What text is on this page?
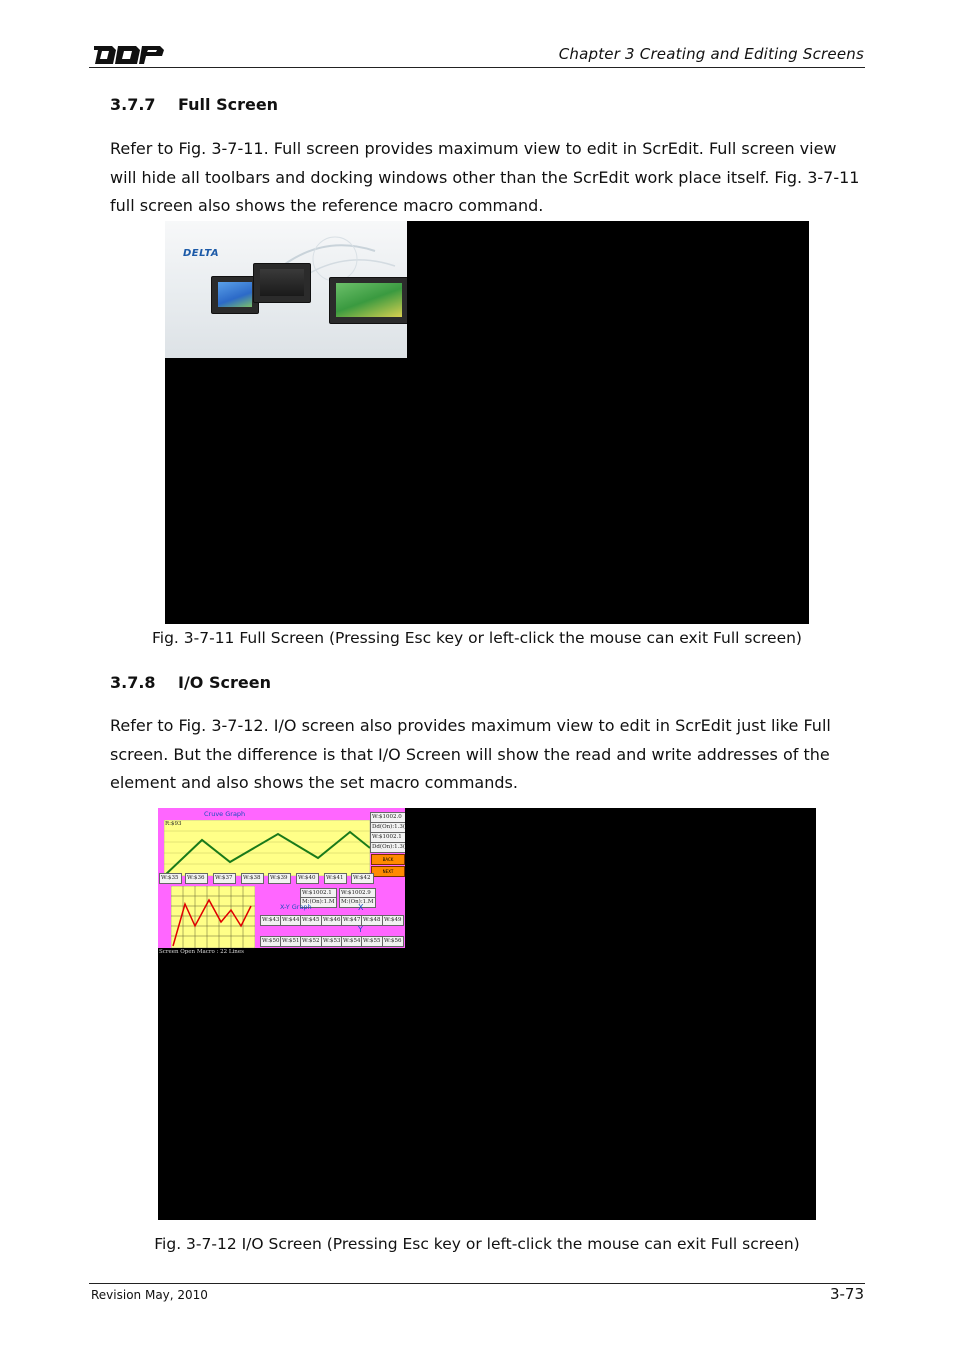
Chapter 3 Creating and Editing Screens
3.7.7 Full Screen
Refer to Fig. 3-7-11. Full screen provides maximum view to edit in ScrEdit. Full screen view
will hide all toolbars and docking windows other than the ScrEdit work place itself. Fig. 3-7-11
full screen also shows the reference macro command.
DELTA
Fig. 3-7-11 Full Screen (Pressing Esc key or left-click the mouse can exit Full screen)
3.7.8 I/O Screen
Refer to Fig. 3-7-12. I/O screen also provides maximum view to edit in ScrEdit just like Full
screen. But the difference is that I/O Screen will show the read and write addresses of the
element and also shows the set macro commands.
Cruve Graph
R:$93
W:$1002.0
Dd(On):1.3(
W:$1002.1
Dd(On):1.3(
BACK
NEXT
W:$35	W:$36	W:$37	W:$38	W:$39	W:$40	W:$41	W:$42
W:$1002.1
M:(On):1.M
W:$1002.9
M:(On):1.M
X-Y Graph	X
W:$43 W:$44 W:$45 W:$46 W:$47 W:$48 W:$49
Y
W:$50 W:$51 W:$52 W:$53 W:$54 W:$55 W:$56
Screen Open Macro : 22 Lines
Fig. 3-7-12 I/O Screen (Pressing Esc key or left-click the mouse can exit Full screen)
Revision May, 2010	3-73
